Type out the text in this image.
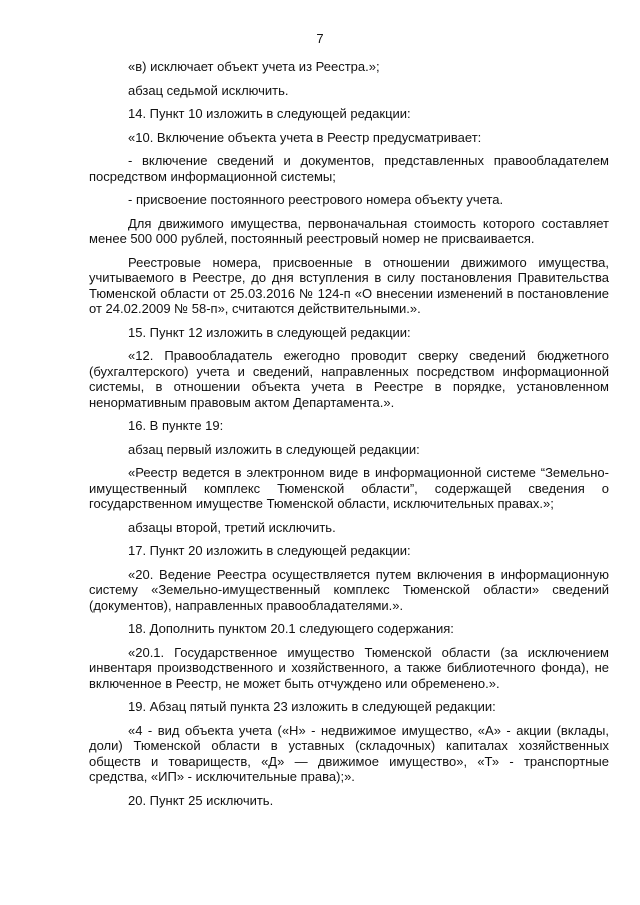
7

«в) исключает объект учета из Реестра.»;

абзац седьмой исключить.

14. Пункт 10 изложить в следующей редакции:

«10. Включение объекта учета в Реестр предусматривает:

- включение сведений и документов, представленных правообладателем посредством информационной системы;

- присвоение постоянного реестрового номера объекту учета.

Для движимого имущества, первоначальная стоимость которого составляет менее 500 000 рублей, постоянный реестровый номер не присваивается.

Реестровые номера, присвоенные в отношении движимого имущества, учитываемого в Реестре, до дня вступления в силу постановления Правительства Тюменской области от 25.03.2016 № 124-п «О внесении изменений в постановление от 24.02.2009 № 58-п», считаются действительными.».

15. Пункт 12 изложить в следующей редакции:

«12. Правообладатель ежегодно проводит сверку сведений бюджетного (бухгалтерского) учета и сведений, направленных посредством информационной системы, в отношении объекта учета в Реестре в порядке, установленном ненормативным правовым актом Департамента.».

16. В пункте 19:

абзац первый изложить в следующей редакции:

«Реестр ведется в электронном виде в информационной системе “Земельно-имущественный комплекс Тюменской области”, содержащей сведения о государственном имуществе Тюменской области, исключительных правах.»;

абзацы второй, третий исключить.

17. Пункт 20 изложить в следующей редакции:

«20. Ведение Реестра осуществляется путем включения в информационную систему «Земельно-имущественный комплекс Тюменской области» сведений (документов), направленных правообладателями.».

18. Дополнить пунктом 20.1 следующего содержания:

«20.1. Государственное имущество Тюменской области (за исключением инвентаря производственного и хозяйственного, а также библиотечного фонда), не включенное в Реестр, не может быть отчуждено или обременено.».

19. Абзац пятый пункта 23 изложить в следующей редакции:

«4 - вид объекта учета («Н» - недвижимое имущество, «А» - акции (вклады, доли) Тюменской области в уставных (складочных) капиталах хозяйственных обществ и товариществ, «Д» — движимое имущество», «Т» - транспортные средства, «ИП» - исключительные права);».

20. Пункт 25 исключить.
